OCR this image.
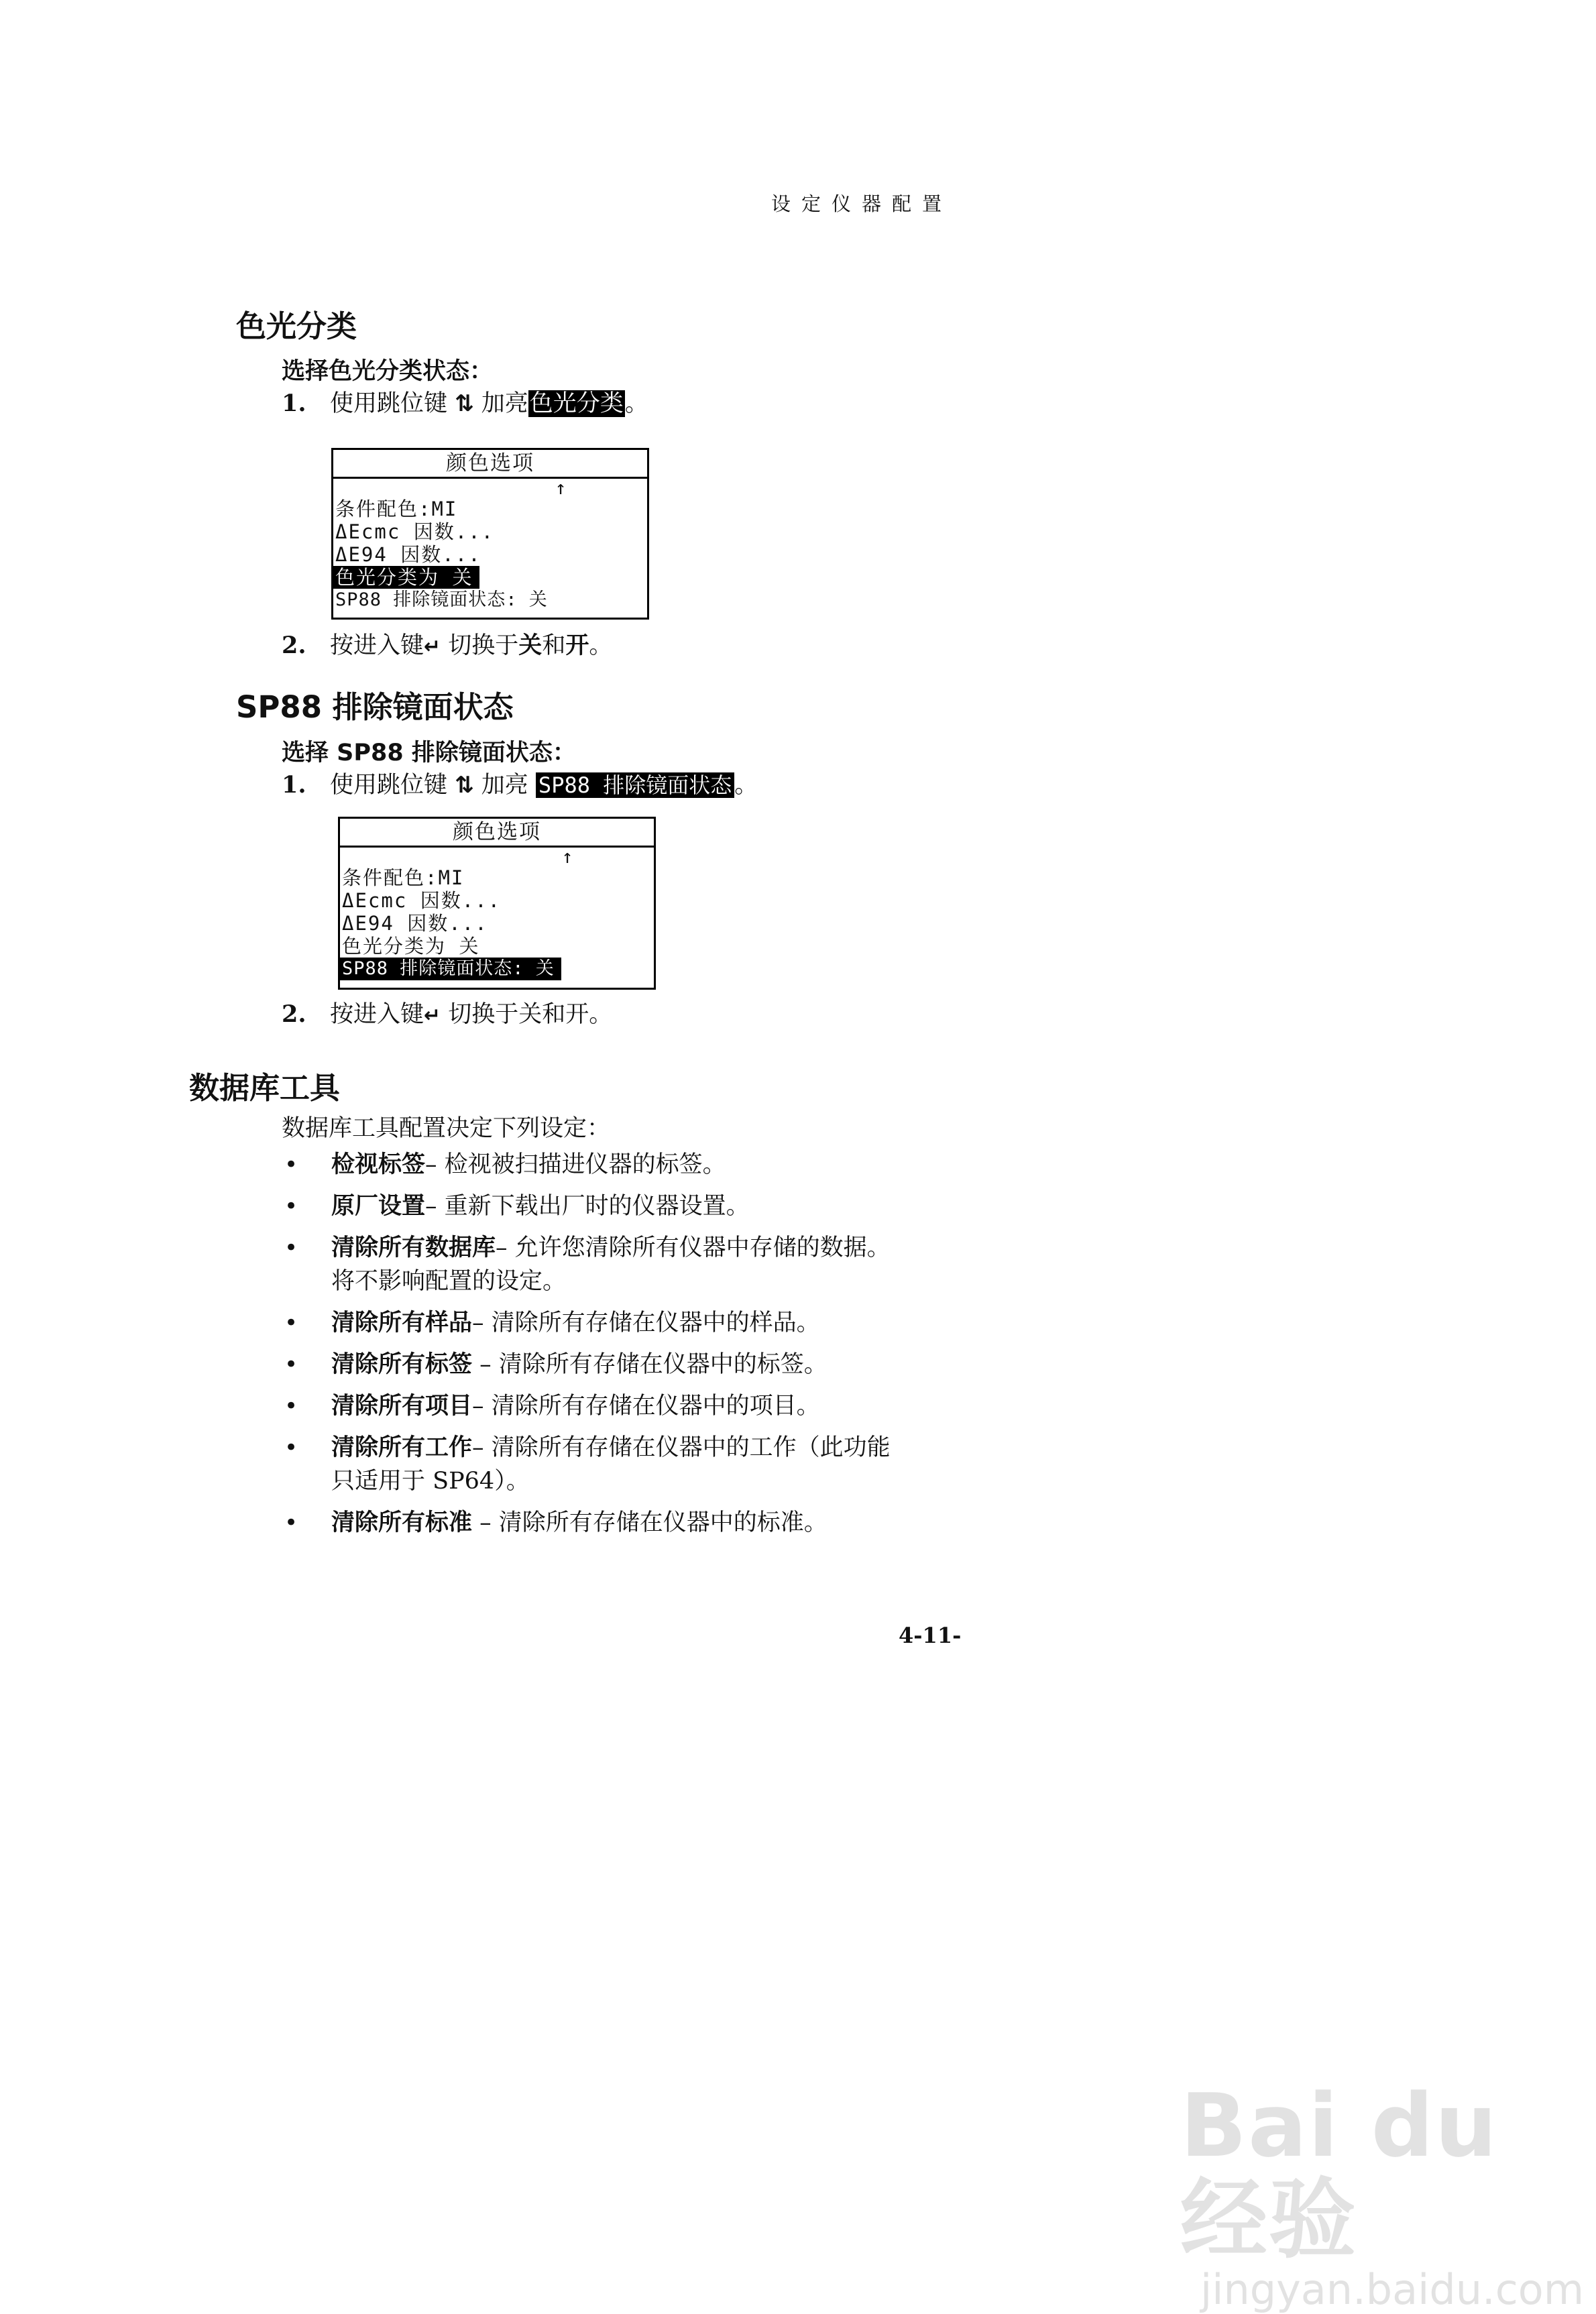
设定仪器配置
色光分类
选择色光分类状态：
1. 使用跳位键 ⇅ 加亮色光分类。
颜色选项
↑
条件配色:MI
ΔEcmc 因数...
ΔE94 因数...
色光分类为 关
SP88 排除镜面状态: 关
2. 按进入键↵ 切换于关和开。
SP88 排除镜面状态
选择 SP88 排除镜面状态：
1. 使用跳位键 ⇅ 加亮 SP88 排除镜面状态 。
颜色选项
↑
条件配色:MI
ΔEcmc 因数...
ΔE94 因数...
色光分类为 关
SP88 排除镜面状态: 关
2. 按进入键↵ 切换于关和开。
数据库工具
数据库工具配置决定下列设定：
• 检视标签– 检视被扫描进仪器的标签。
• 原厂设置– 重新下载出厂时的仪器设置。
• 清除所有数据库– 允许您清除所有仪器中存储的数据。
将不影响配置的设定。
• 清除所有样品– 清除所有存储在仪器中的样品。
• 清除所有标签 – 清除所有存储在仪器中的标签。
• 清除所有项目– 清除所有存储在仪器中的项目。
• 清除所有工作– 清除所有存储在仪器中的工作（此功能
只适用于 SP64）。
• 清除所有标准 – 清除所有存储在仪器中的标准。
4-11-
Bai du 经验
jingyan.baidu.com
